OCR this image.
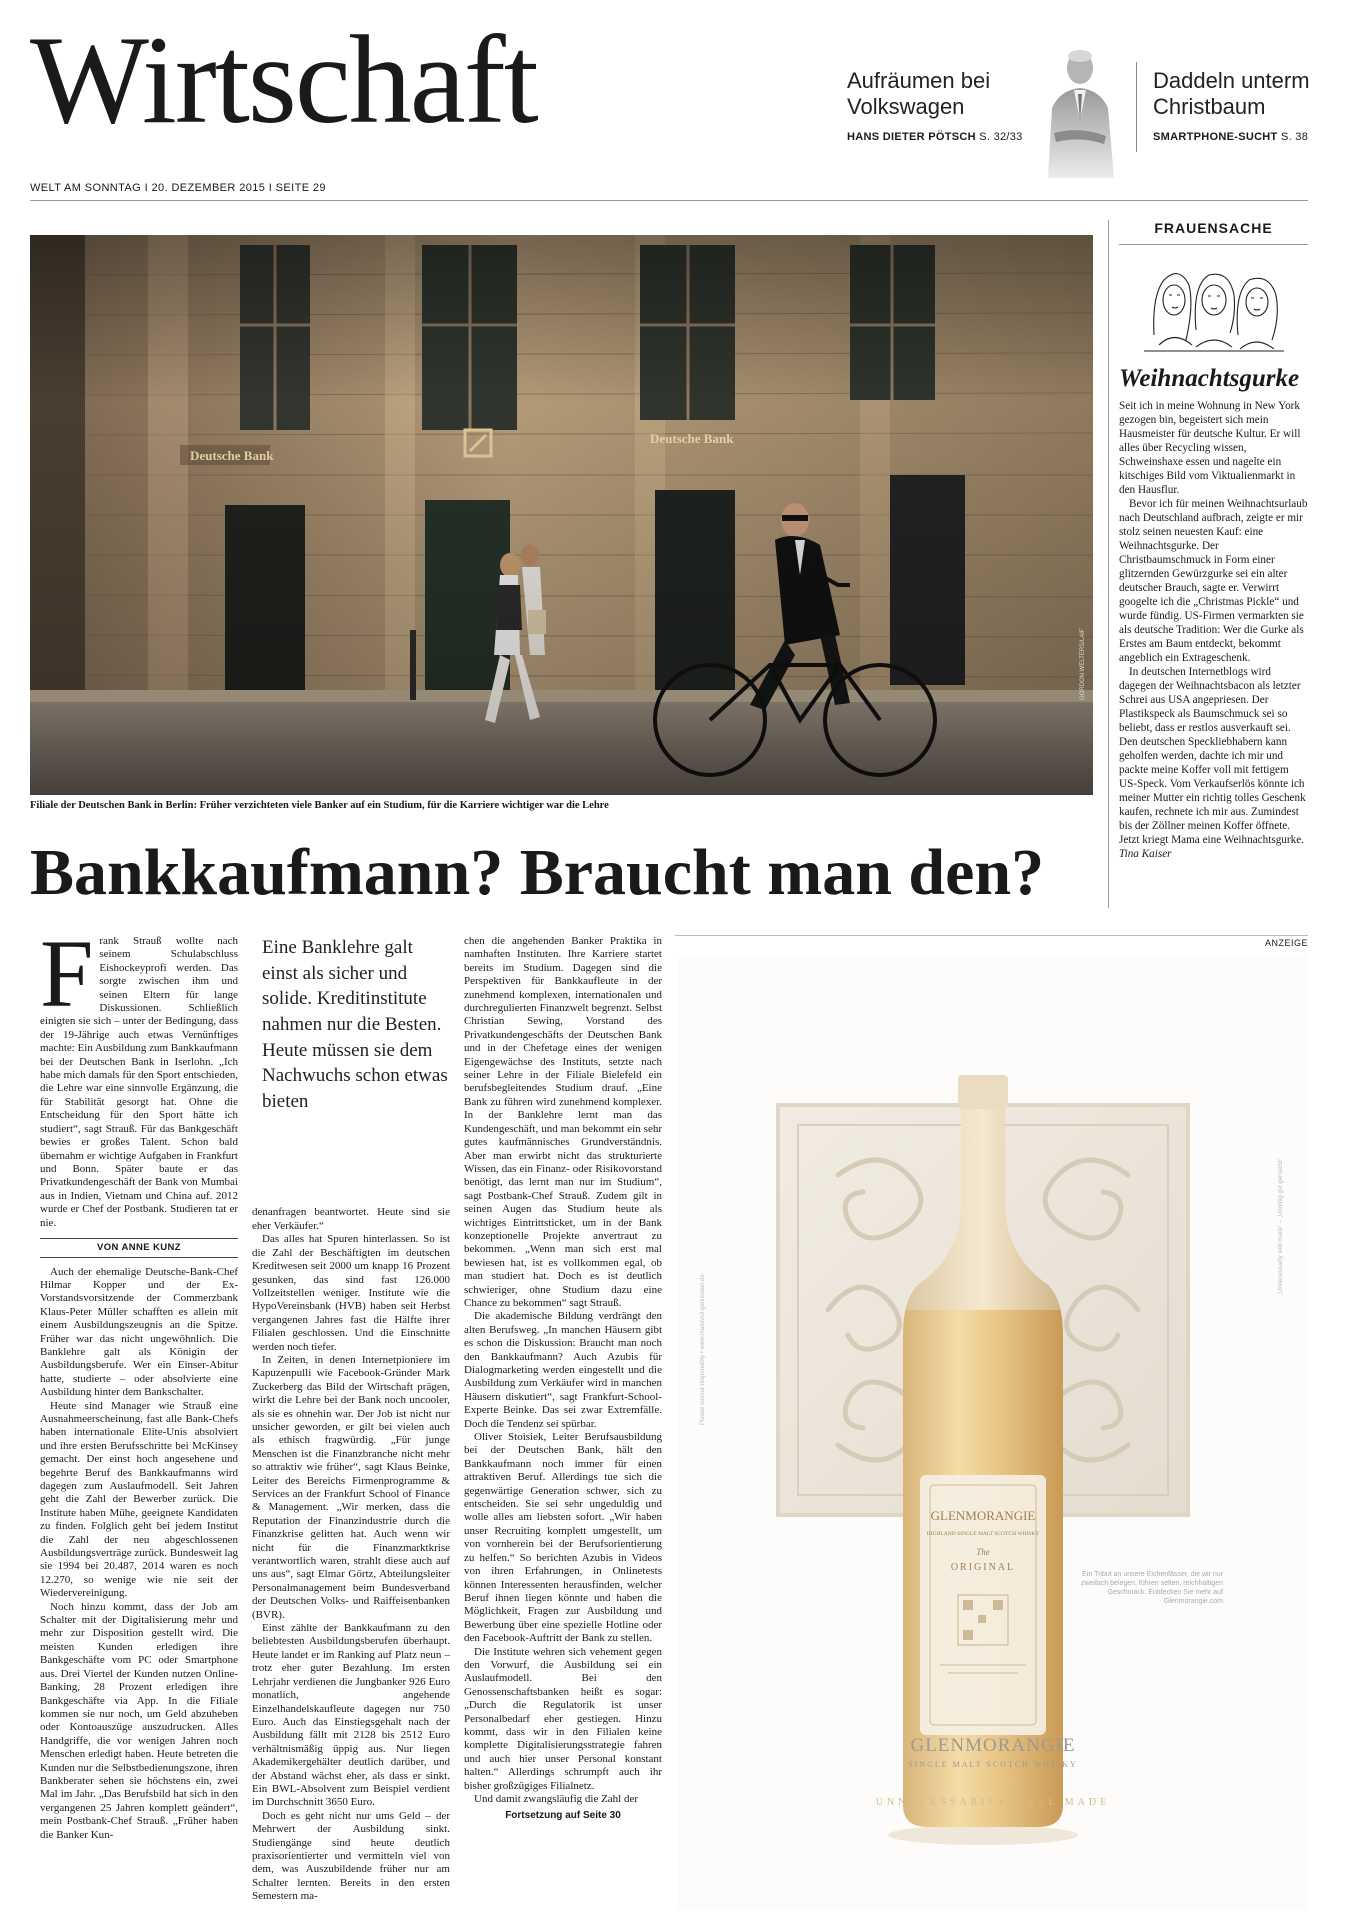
Wirtschaft	Aufräumen bei Volkswagen
HANS DIETER PÖTSCH S. 32/33
Daddeln unterm Christbaum
SMARTPHONE-SUCHT S. 38
WELT AM SONNTAG I 20. DEZEMBER 2015 I SEITE 29
GORDON WELTERS/LAIF
Filiale der Deutschen Bank in Berlin: Früher verzichteten viele Banker auf ein Studium, für die Karriere wichtiger war die Lehre
FRAUENSACHE
Weihnachtsgurke

Seit ich in meine Wohnung in New York gezogen bin, begeistert sich mein Hausmeister für deutsche Kultur. Er will alles über Recycling wissen, Schweinshaxe essen und nagelte ein kitschiges Bild vom Viktualienmarkt in den Hausflur.

Bevor ich für meinen Weihnachtsurlaub nach Deutschland aufbrach, zeigte er mir stolz seinen neuesten Kauf: eine Weihnachtsgurke. Der Christbaumschmuck in Form einer glitzernden Gewürzgurke sei ein alter deutscher Brauch, sagte er. Verwirrt googelte ich die „Christmas Pickle“ und wurde fündig. US-Firmen vermarkten sie als deutsche Tradition: Wer die Gurke als Erstes am Baum entdeckt, bekommt angeblich ein Extrageschenk.

In deutschen Internetblogs wird dagegen der Weihnachtsbacon als letzter Schrei aus USA angepriesen. Der Plastikspeck als Baumschmuck sei so beliebt, dass er restlos ausverkauft sei. Den deutschen Speckliebhabern kann geholfen werden, dachte ich mir und packte meine Koffer voll mit fettigem US-Speck. Vom Verkaufserlös könnte ich meiner Mutter ein richtig tolles Geschenk kaufen, rechnete ich mir aus. Zumindest bis der Zöllner meinen Koffer öffnete. Jetzt kriegt Mama eine Weihnachtsgurke. Tina Kaiser

Bankkaufmann? Braucht man den?

Frank Strauß wollte nach seinem Schulabschluss Eishockeyprofi werden. Das sorgte zwischen ihm und seinen Eltern für lange Diskussionen. Schließlich einigten sie sich – unter der Bedingung, dass der 19-Jährige auch etwas Vernünftiges machte: Ein Ausbildung zum Bankkaufmann bei der Deutschen Bank in Iserlohn. „Ich habe mich damals für den Sport entschieden, die Lehre war eine sinnvolle Ergänzung, die für Stabilität gesorgt hat. Ohne die Entscheidung für den Sport hätte ich studiert“, sagt Strauß. Für das Bankgeschäft bewies er großes Talent. Schon bald übernahm er wichtige Aufgaben in Frankfurt und Bonn. Später baute er das Privatkundengeschäft der Bank von Mumbai aus in Indien, Vietnam und China auf. 2012 wurde er Chef der Postbank. Studieren tat er nie.

VON ANNE KUNZ

Auch der ehemalige Deutsche-Bank-Chef Hilmar Kopper und der Ex-Vorstandsvorsitzende der Commerzbank Klaus-Peter Müller schafften es allein mit einem Ausbildungszeugnis an die Spitze. Früher war das nicht ungewöhnlich. Die Banklehre galt als Königin der Ausbildungsberufe. Wer ein Einser-Abitur hatte, studierte – oder absolvierte eine Ausbildung hinter dem Bankschalter.

Heute sind Manager wie Strauß eine Ausnahmeerscheinung, fast alle Bank-Chefs haben internationale Elite-Unis absolviert und ihre ersten Berufsschritte bei McKinsey gemacht. Der einst hoch angesehene und begehrte Beruf des Bankkaufmanns wird dagegen zum Auslaufmodell. Seit Jahren geht die Zahl der Bewerber zurück. Die Institute haben Mühe, geeignete Kandidaten zu finden. Folglich geht bei jedem Institut die Zahl der neu abgeschlossenen Ausbildungsverträge zurück. Bundesweit lag sie 1994 bei 20.487, 2014 waren es noch 12.270, so wenige wie nie seit der Wiedervereinigung.

Noch hinzu kommt, dass der Job am Schalter mit der Digitalisierung mehr und mehr zur Disposition gestellt wird. Die meisten Kunden erledigen ihre Bankgeschäfte vom PC oder Smartphone aus. Drei Viertel der Kunden nutzen Online-Banking, 28 Prozent erledigen ihre Bankgeschäfte via App. In die Filiale kommen sie nur noch, um Geld abzuheben oder Kontoauszüge auszudrucken. Alles Handgriffe, die vor wenigen Jahren noch Menschen erledigt haben. Heute betreten die Kunden nur die Selbstbedienungszone, ihren Bankberater sehen sie höchstens ein, zwei Mal im Jahr. „Das Berufsbild hat sich in den vergangenen 25 Jahren komplett geändert“, mein Postbank-Chef Strauß. „Früher haben die Banker Kun-

Eine Banklehre galt einst als sicher und solide. Kreditinstitute nahmen nur die Besten. Heute müssen sie dem Nachwuchs schon etwas bieten

denanfragen beantwortet. Heute sind sie eher Verkäufer.“

Das alles hat Spuren hinterlassen. So ist die Zahl der Beschäftigten im deutschen Kreditwesen seit 2000 um knapp 16 Prozent gesunken, das sind fast 126.000 Vollzeitstellen weniger. Institute wie die HypoVereinsbank (HVB) haben seit Herbst vergangenen Jahres fast die Hälfte ihrer Filialen geschlossen. Und die Einschnitte werden noch tiefer.

In Zeiten, in denen Internetpioniere im Kapuzenpulli wie Facebook-Gründer Mark Zuckerberg das Bild der Wirtschaft prägen, wirkt die Lehre bei der Bank noch uncooler, als sie es ohnehin war. Der Job ist nicht nur unsicher geworden, er gilt bei vielen auch als ethisch fragwürdig. „Für junge Menschen ist die Finanzbranche nicht mehr so attraktiv wie früher“, sagt Klaus Beinke, Leiter des Bereichs Firmenprogramme & Services an der Frankfurt School of Finance & Management. „Wir merken, dass die Reputation der Finanzindustrie durch die Finanzkrise gelitten hat. Auch wenn wir nicht für die Finanzmarktkrise verantwortlich waren, strahlt diese auch auf uns aus“, sagt Elmar Görtz, Abteilungsleiter Personalmanagement beim Bundesverband der Deutschen Volks- und Raiffeisenbanken (BVR).

Einst zählte der Bankkaufmann zu den beliebtesten Ausbildungsberufen überhaupt. Heute landet er im Ranking auf Platz neun – trotz eher guter Bezahlung. Im ersten Lehrjahr verdienen die Jungbanker 926 Euro monatlich, angehende Einzelhandelskaufleute dagegen nur 750 Euro. Auch das Einstiegsgehalt nach der Ausbildung fällt mit 2128 bis 2512 Euro verhältnismäßig üppig aus. Nur liegen Akademikergehälter deutlich darüber, und der Abstand wächst eher, als dass er sinkt. Ein BWL-Absolvent zum Beispiel verdient im Durchschnitt 3650 Euro.

Doch es geht nicht nur ums Geld – der Mehrwert der Ausbildung sinkt. Studiengänge sind heute deutlich praxisorientierter und vermitteln viel von dem, was Auszubildende früher nur am Schalter lernten. Bereits in den ersten Semestern ma-

chen die angehenden Banker Praktika in namhaften Instituten. Ihre Karriere startet bereits im Studium. Dagegen sind die Perspektiven für Bankkaufleute in der zunehmend komplexen, internationalen und durchregulierten Finanzwelt begrenzt. Selbst Christian Sewing, Vorstand des Privatkundengeschäfts der Deutschen Bank und in der Chefetage eines der wenigen Eigengewächse des Instituts, setzte nach seiner Lehre in der Filiale Bielefeld ein berufsbegleitendes Studium drauf. „Eine Bank zu führen wird zunehmend komplexer. In der Banklehre lernt man das Kundengeschäft, und man bekommt ein sehr gutes kaufmännisches Grundverständnis. Aber man erwirbt nicht das strukturierte Wissen, das ein Finanz- oder Risikovorstand benötigt, das lernt man nur im Studium“, sagt Postbank-Chef Strauß. Zudem gilt in seinen Augen das Studium heute als wichtiges Eintrittsticket, um in der Bank konzeptionelle Projekte anvertraut zu bekommen. „Wenn man sich erst mal bewiesen hat, ist es vollkommen egal, ob man studiert hat. Doch es ist deutlich schwieriger, ohne Studium dazu eine Chance zu bekommen“ sagt Strauß.

Die akademische Bildung verdrängt den alten Berufsweg. „In manchen Häusern gibt es schon die Diskussion: Braucht man noch den Bankkaufmann? Auch Azubis für Dialogmarketing werden eingestellt und die Ausbildung zum Verkäufer wird in manchen Häusern diskutiert“, sagt Frankfurt-School-Experte Beinke. Das sei zwar Extremfälle. Doch die Tendenz sei spürbar.

Oliver Stoisiek, Leiter Berufsausbildung bei der Deutschen Bank, hält den Bankkaufmann noch immer für einen attraktiven Beruf. Allerdings tue sich die gegenwärtige Generation schwer, sich zu entscheiden. Sie sei sehr ungeduldig und wolle alles am liebsten sofort. „Wir haben unser Recruiting komplett umgestellt, um von vornherein bei der Berufsorientierung zu helfen.“ So berichten Azubis in Videos von ihren Erfahrungen, in Onlinetests können Interessenten herausfinden, welcher Beruf ihnen liegen könnte und haben die Möglichkeit, Fragen zur Ausbildung und Bewerbung über eine spezielle Hotline oder den Facebook-Auftritt der Bank zu stellen.

Die Institute wehren sich vehement gegen den Vorwurf, die Ausbildung sei ein Auslaufmodell. Bei den Genossenschaftsbanken heißt es sogar: „Durch die Regulatorik ist unser Personalbedarf eher gestiegen. Hinzu kommt, dass wir in den Filialen keine komplette Digitalisierungsstrategie fahren und auch hier unser Personal konstant halten.“ Allerdings schrumpft auch ihr bisher großzügiges Filialnetz.

Und damit zwangsläufig die Zahl der

Fortsetzung auf Seite 30
ANZEIGE
GLENMORANGIE
HIGHLAND SINGLE MALT SCOTCH WHISKY
The
ORIGINAL
Please savour responsibly • www.massvoll-geniessen.de
„Unnecessarily well made“ – „Unnötig gut gemacht“
Ein Tribut an unsere Eichenfässer, die wir nur zweifach belegen, führen selten, reichhaltigen Geschmack. Entdecken Sie mehr auf Glenmorangie.com
GLENMORANGIE
SINGLE MALT SCOTCH WHISKY
UNNECESSARILY WELL MADE
